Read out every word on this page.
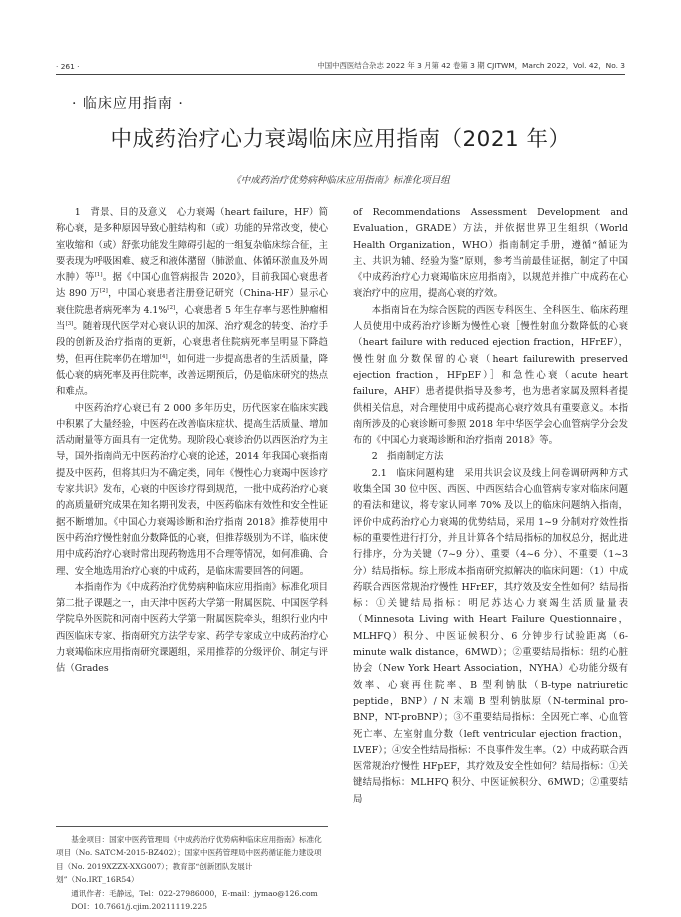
· 261 ·	中国中西医结合杂志 2022 年 3 月第 42 卷第 3 期 CJITWM，March 2022，Vol. 42，No. 3
· 临床应用指南 ·
中成药治疗心力衰竭临床应用指南（2021 年）
《中成药治疗优势病种临床应用指南》标准化项目组

1　背景、目的及意义　心力衰竭（heart failure，HF）简称心衰，是多种原因导致心脏结构和（或）功能的异常改变，使心室收缩和（或）舒张功能发生障碍引起的一组复杂临床综合征，主要表现为呼吸困难、疲乏和液体潴留（肺淤血、体循环淤血及外周水肿）等[1]。据《中国心血管病报告 2020》，目前我国心衰患者达 890 万[2]，中国心衰患者注册登记研究（China-HF）显示心衰住院患者病死率为 4.1%[2]，心衰患者 5 年生存率与恶性肿瘤相当[3]。随着现代医学对心衰认识的加深、治疗观念的转变、治疗手段的创新及治疗指南的更新，心衰患者住院病死率呈明显下降趋势，但再住院率仍在增加[4]，如何进一步提高患者的生活质量，降低心衰的病死率及再住院率，改善远期预后，仍是临床研究的热点和难点。

中医药治疗心衰已有 2 000 多年历史，历代医家在临床实践中积累了大量经验，中医药在改善临床症状、提高生活质量、增加活动耐量等方面具有一定优势。现阶段心衰诊治仍以西医治疗为主导，国外指南尚无中医药治疗心衰的论述，2014 年我国心衰指南提及中医药，但将其归为不确定类，同年《慢性心力衰竭中医诊疗专家共识》发布，心衰的中医诊疗得到规范，一批中成药治疗心衰的高质量研究成果在知名期刊发表，中医药临床有效性和安全性证据不断增加。《中国心力衰竭诊断和治疗指南 2018》推荐使用中医中药治疗慢性射血分数降低的心衰，但推荐级别为不详，临床使用中成药治疗心衰时常出现药物选用不合理等情况，如何准确、合理、安全地选用治疗心衰的中成药，是临床需要回答的问题。

本指南作为《中成药治疗优势病种临床应用指南》标准化项目第二批子课题之一，由天津中医药大学第一附属医院、中国医学科学院阜外医院和河南中医药大学第一附属医院牵头，组织行业内中西医临床专家、指南研究方法学专家、药学专家成立中成药治疗心力衰竭临床应用指南研究课题组，采用推荐的分级评价、制定与评估（Grades

of Recommendations Assessment Development and Evaluation，GRADE）方法，并依据世界卫生组织（World Health Organization，WHO）指南制定手册，遵循“循证为主、共识为辅、经验为鉴”原则，参考当前最佳证据，制定了中国《中成药治疗心力衰竭临床应用指南》，以规范并推广中成药在心衰治疗中的应用，提高心衰的疗效。

本指南旨在为综合医院的西医专科医生、全科医生、临床药理人员使用中成药治疗诊断为慢性心衰［慢性射血分数降低的心衰（heart failure with reduced ejection fraction，HFrEF），慢性射血分数保留的心衰（heart failurewith preserved ejection fraction，HFpEF）］和急性心衰（acute heart failure，AHF）患者提供指导及参考，也为患者家属及照料者提供相关信息，对合理使用中成药提高心衰疗效具有重要意义。本指南所涉及的心衰诊断可参照 2018 年中华医学会心血管病学分会发布的《中国心力衰竭诊断和治疗指南 2018》等。

2　指南制定方法

2.1　临床问题构建　采用共识会议及线上问卷调研两种方式收集全国 30 位中医、西医、中西医结合心血管病专家对临床问题的看法和建议，将专家认同率 70% 及以上的临床问题纳入指南，评价中成药治疗心力衰竭的优势结局，采用 1~9 分制对疗效性指标的重要性进行打分，并且计算各个结局指标的加权总分，据此进行排序，分为关键（7~9 分）、重要（4~6 分）、不重要（1~3 分）结局指标。综上形成本指南研究拟解决的临床问题：（1）中成药联合西医常规治疗慢性 HFrEF，其疗效及安全性如何？结局指标：①关键结局指标：明尼苏达心力衰竭生活质量量表（Minnesota Living with Heart Failure Questionnaire，MLHFQ）积分、中医证候积分、6 分钟步行试验距离（6-minute walk distance，6MWD）；②重要结局指标：纽约心脏协会（New York Heart Association，NYHA）心功能分级有效率、心衰再住院率、B 型利钠肽（B-type natriuretic peptide，BNP）/ N 末端 B 型利钠肽原（N-terminal pro-BNP，NT-proBNP）；③不重要结局指标：全因死亡率、心血管死亡率、左室射血分数（left ventricular ejection fraction，LVEF）；④安全性结局指标：不良事件发生率。（2）中成药联合西医常规治疗慢性 HFpEF，其疗效及安全性如何？结局指标：①关键结局指标：MLHFQ 积分、中医证候积分、6MWD；②重要结局

基金项目：国家中医药管理局《中成药治疗优势病种临床应用指南》标准化项目（No. SATCM-2015-BZ402）；国家中医药管理局中医药循证能力建设项目（No. 2019XZZX-XXG007）；教育部“创新团队发展计划”（No.IRT_16R54）

通讯作者：毛静远，Tel：022-27986000，E-mail：jymao@126.com

DOI：10.7661/j.cjim.20211119.225
